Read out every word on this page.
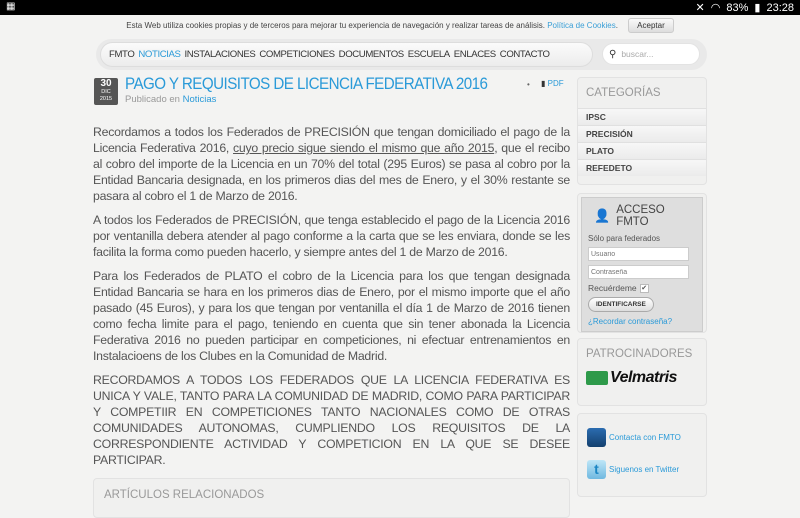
▦	✕ ◠ 83% ▮ 23:28
Esta Web utiliza cookies propias y de terceros para mejorar tu experiencia de navegación y realizar tareas de análisis. Política de Cookies. Aceptar
FMTO NOTICIAS INSTALACIONES COMPETICIONES DOCUMENTOS ESCUELA ENLACES CONTACTO	⚲ buscar...
30
DIC
2015
PAGO Y REQUISITOS DE LICENCIA FEDERATIVA 2016
Publicado en Noticias
• ▮ PDF

Recordamos a todos los Federados de PRECISIÓN que tengan domiciliado el pago de la Licencia Federativa 2016, cuyo precio sigue siendo el mismo que año 2015, que el recibo al cobro del importe de la Licencia en un 70% del total (295 Euros) se pasa al cobro por la Entidad Bancaria designada, en los primeros dias del mes de Enero, y el 30% restante se pasara al cobro el 1 de Marzo de 2016.

A todos los Federados de PRECISIÓN, que tenga establecido el pago de la Licencia 2016 por ventanilla debera atender al pago conforme a la carta que se les enviara, donde se les facilita la forma como pueden hacerlo, y siempre antes del 1 de Marzo de 2016.

Para los Federados de PLATO el cobro de la Licencia para los que tengan designada Entidad Bancaria se hara en los primeros dias de Enero, por el mismo importe que el año pasado (45 Euros), y para los que tengan por ventanilla el día 1 de Marzo de 2016 tienen como fecha limite para el pago, teniendo en cuenta que sin tener abonada la Licencia Federativa 2016 no pueden participar en competiciones, ni efectuar entrenamientos en Instalacioens de los Clubes en la Comunidad de Madrid.

RECORDAMOS A TODOS LOS FEDERADOS QUE LA LICENCIA FEDERATIVA ES UNICA Y VALE, TANTO PARA LA COMUNIDAD DE MADRID, COMO PARA PARTICIPAR Y COMPETIIR EN COMPETICIONES TANTO NACIONALES COMO DE OTRAS COMUNIDADES AUTONOMAS, CUMPLIENDO LOS REQUISITOS DE LA CORRESPONDIENTE ACTIVIDAD Y COMPETICION EN LA QUE SE DESEE PARTICIPAR.

ARTÍCULOS RELACIONADOS
CATEGORÍAS
IPSC
PRECISIÓN
PLATO
REFEDETO
👤 ACCESO FMTO
Sólo para federados
Usuario
Contraseña
Recuérdeme ✔
IDENTIFICARSE
¿Recordar contraseña?
PATROCINADORES
Velmatris
Contacta con FMTO
t	Siguenos en Twitter
